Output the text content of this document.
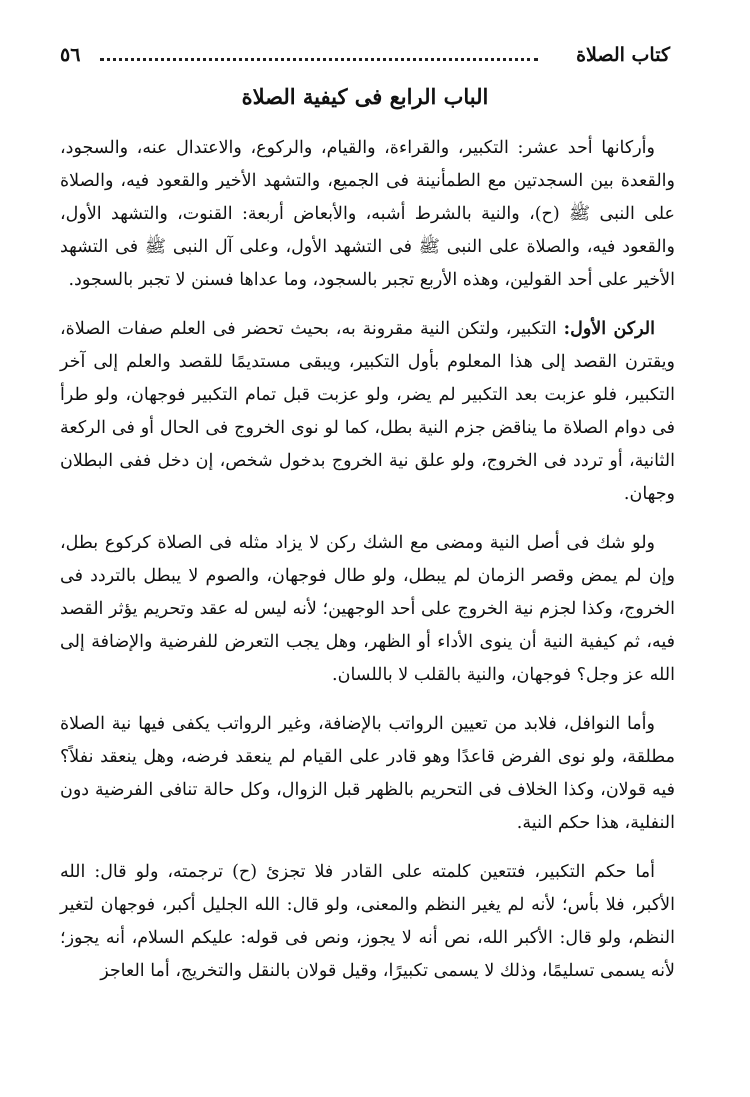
٥٦	كتاب الصلاة
الباب الرابع فى كيفية الصلاة

وأركانها أحد عشر: التكبير، والقراءة، والقيام، والركوع، والاعتدال عنه، والسجود، والقعدة بين السجدتين مع الطمأنينة فى الجميع، والتشهد الأخير والقعود فيه، والصلاة على النبى ﷺ (ح)، والنية بالشرط أشبه، والأبعاض أربعة: القنوت، والتشهد الأول، والقعود فيه، والصلاة على النبى ﷺ فى التشهد الأول، وعلى آل النبى ﷺ فى التشهد الأخير على أحد القولين، وهذه الأربع تجبر بالسجود، وما عداها فسنن لا تجبر بالسجود.

الركن الأول: التكبير، ولتكن النية مقرونة به، بحيث تحضر فى العلم صفات الصلاة، ويقترن القصد إلى هذا المعلوم بأول التكبير، ويبقى مستديمًا للقصد والعلم إلى آخر التكبير، فلو عزبت بعد التكبير لم يضر، ولو عزبت قبل تمام التكبير فوجهان، ولو طرأ فى دوام الصلاة ما يناقض جزم النية بطل، كما لو نوى الخروج فى الحال أو فى الركعة الثانية، أو تردد فى الخروج، ولو علق نية الخروج بدخول شخص، إن دخل ففى البطلان وجهان.

ولو شك فى أصل النية ومضى مع الشك ركن لا يزاد مثله فى الصلاة كركوع بطل، وإن لم يمض وقصر الزمان لم يبطل، ولو طال فوجهان، والصوم لا يبطل بالتردد فى الخروج، وكذا لجزم نية الخروج على أحد الوجهين؛ لأنه ليس له عقد وتحريم يؤثر القصد فيه، ثم كيفية النية أن ينوى الأداء أو الظهر، وهل يجب التعرض للفرضية والإضافة إلى الله عز وجل؟ فوجهان، والنية بالقلب لا باللسان.

وأما النوافل، فلابد من تعيين الرواتب بالإضافة، وغير الرواتب يكفى فيها نية الصلاة مطلقة، ولو نوى الفرض قاعدًا وهو قادر على القيام لم ينعقد فرضه، وهل ينعقد نفلاً؟ فيه قولان، وكذا الخلاف فى التحريم بالظهر قبل الزوال، وكل حالة تنافى الفرضية دون النفلية، هذا حكم النية.

أما حكم التكبير، فتتعين كلمته على القادر فلا تجزئ (ح) ترجمته، ولو قال: الله الأكبر، فلا بأس؛ لأنه لم يغير النظم والمعنى، ولو قال: الله الجليل أكبر، فوجهان لتغير النظم، ولو قال: الأكبر الله، نص أنه لا يجوز، ونص فى قوله: عليكم السلام، أنه يجوز؛ لأنه يسمى تسليمًا، وذلك لا يسمى تكبيرًا، وقيل قولان بالنقل والتخريج، أما العاجز
